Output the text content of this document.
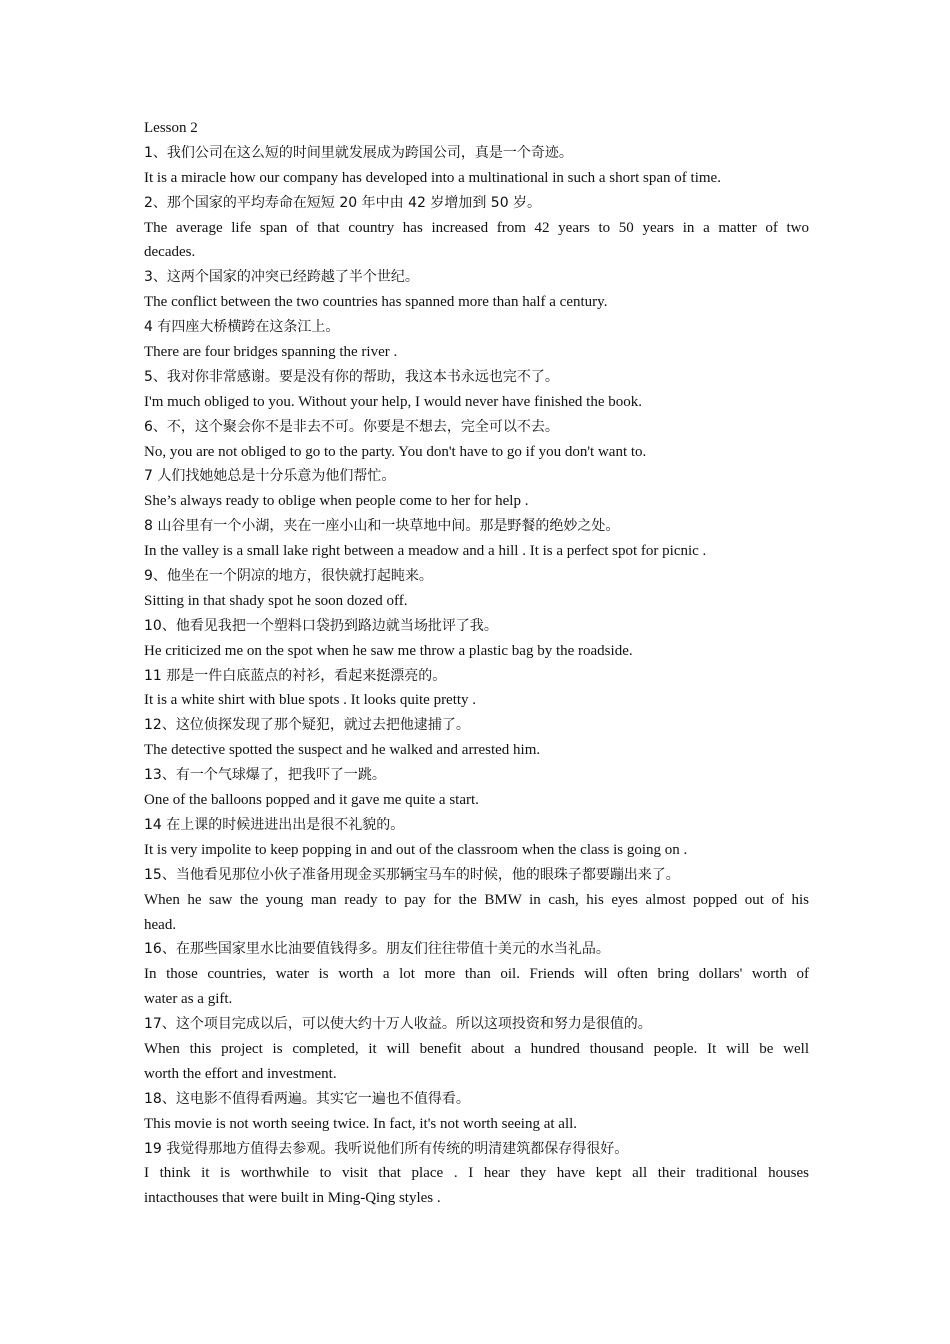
Lesson 2
1、我们公司在这么短的时间里就发展成为跨国公司，真是一个奇迹。
It is a miracle how our company has developed into a multinational in such a short span of time.
2、那个国家的平均寿命在短短 20 年中由 42 岁增加到 50 岁。
The average life span of that country has increased from 42 years to 50 years in a matter of two
decades.
3、这两个国家的冲突已经跨越了半个世纪。
The conflict between the two countries has spanned more than half a century.
4 有四座大桥横跨在这条江上。
There are four bridges spanning the river .
5、我对你非常感谢。要是没有你的帮助，我这本书永远也完不了。
I'm much obliged to you. Without your help, I would never have finished the book.
6、不，这个聚会你不是非去不可。你要是不想去，完全可以不去。
No, you are not obliged to go to the party. You don't have to go if you don't want to.
7 人们找她她总是十分乐意为他们帮忙。
She’s always ready to oblige when people come to her for help .
8 山谷里有一个小湖，夹在一座小山和一块草地中间。那是野餐的绝妙之处。
In the valley is a small lake right between a meadow and a hill . It is a perfect spot for picnic .
9、他坐在一个阴凉的地方，很快就打起盹来。
Sitting in that shady spot he soon dozed off.
10、他看见我把一个塑料口袋扔到路边就当场批评了我。
He criticized me on the spot when he saw me throw a plastic bag by the roadside.
11 那是一件白底蓝点的衬衫，看起来挺漂亮的。
It is a white shirt with blue spots . It looks quite pretty .
12、这位侦探发现了那个疑犯，就过去把他逮捕了。
The detective spotted the suspect and he walked and arrested him.
13、有一个气球爆了，把我吓了一跳。
One of the balloons popped and it gave me quite a start.
14 在上课的时候进进出出是很不礼貌的。
It is very impolite to keep popping in and out of the classroom when the class is going on .
15、当他看见那位小伙子准备用现金买那辆宝马车的时候，他的眼珠子都要蹦出来了。
When he saw the young man ready to pay for the BMW in cash, his eyes almost popped out of his
head.
16、在那些国家里水比油要值钱得多。朋友们往往带值十美元的水当礼品。
In those countries, water is worth a lot more than oil. Friends will often bring dollars' worth of
water as a gift.
17、这个项目完成以后，可以使大约十万人收益。所以这项投资和努力是很值的。
When this project is completed, it will benefit about a hundred thousand people. It will be well
worth the effort and investment.
18、这电影不值得看两遍。其实它一遍也不值得看。
This movie is not worth seeing twice. In fact, it's not worth seeing at all.
19 我觉得那地方值得去参观。我听说他们所有传统的明清建筑都保存得很好。
I think it is worthwhile to visit that place . I hear they have kept all their traditional houses
intacthouses that were built in Ming-Qing styles .
